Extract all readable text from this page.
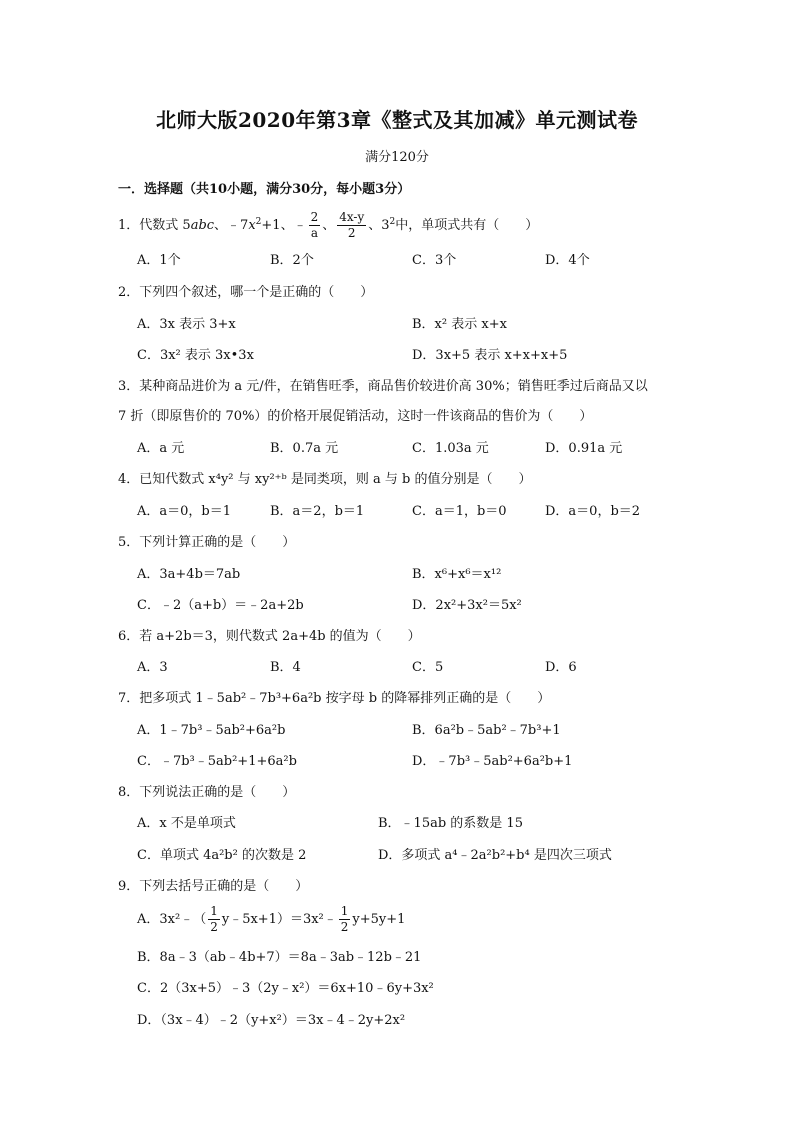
北师大版2020年第3章《整式及其加减》单元测试卷
满分120分
一．选择题（共10小题，满分30分，每小题3分）
1．代数式 5abc、$﹣7x^2+1$、﹣ $\frac{2}{a}$ 、 $\frac{4x-y}{2}$ 、$3^2$中，单项式共有（　　）
A．1个	B．2个	C．3个	D．4个
2．下列四个叙述，哪一个是正确的（　　）
A．3x 表示 3+x	B．x² 表示 x+x
C．3x² 表示 3x•3x	D．3x+5 表示 x+x+x+5
3．某种商品进价为 a 元/件，在销售旺季，商品售价较进价高 30%；销售旺季过后商品又以
7 折（即原售价的 70%）的价格开展促销活动，这时一件该商品的售价为（　　）
A．a 元	B．0.7a 元	C．1.03a 元	D．0.91a 元
4．已知代数式 x⁴y² 与 xy²⁺ᵇ 是同类项，则 a 与 b 的值分别是（　　）
A．a＝0，b＝1	B．a＝2，b＝1	C．a＝1，b＝0	D．a＝0，b＝2
5．下列计算正确的是（　　）
A．3a+4b＝7ab	B．x⁶+x⁶＝x¹²
C．﹣2（a+b）＝﹣2a+2b	D．2x²+3x²＝5x²
6．若 a+2b＝3，则代数式 2a+4b 的值为（　　）
A．3	B．4	C．5	D．6
7．把多项式 1﹣5ab²﹣7b³+6a²b 按字母 b 的降幂排列正确的是（　　）
A．1﹣7b³﹣5ab²+6a²b	B．6a²b﹣5ab²﹣7b³+1
C．﹣7b³﹣5ab²+1+6a²b	D．﹣7b³﹣5ab²+6a²b+1
8．下列说法正确的是（　　）
A．x 不是单项式	B．﹣15ab 的系数是 15
C．单项式 4a²b² 的次数是 2	D．多项式 a⁴﹣2a²b²+b⁴ 是四次三项式
9．下列去括号正确的是（　　）
A．3x²﹣（ $\frac{1}{2}$ y﹣5x+1）＝3x²﹣ $\frac{1}{2} y+5y+1$
B．8a﹣3（ab﹣4b+7）＝8a﹣3ab﹣12b﹣21
C．2（3x+5）﹣3（2y﹣x²）＝6x+10﹣6y+3x²
D．（3x﹣4）﹣2（y+x²）＝3x﹣4﹣2y+2x²
